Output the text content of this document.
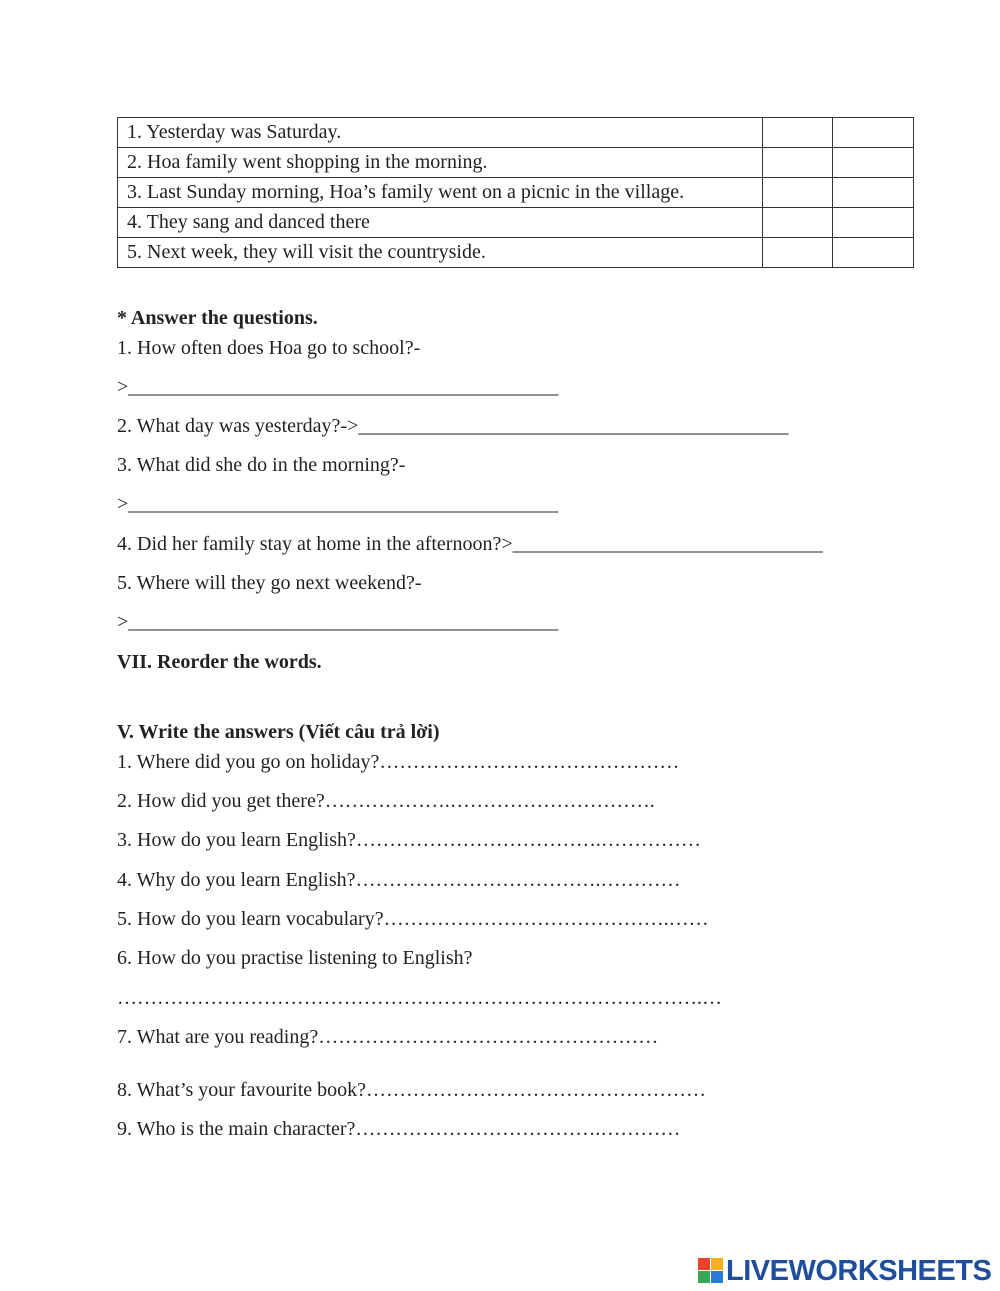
1. Yesterday was Saturday.		
2. Hoa family went shopping in the morning.		
3. Last Sunday morning, Hoa’s family went on a picnic in the village.		
4. They sang and danced there		
5. Next week, they will visit the countryside.		
* Answer the questions.
1. How often does Hoa go to school?-
>___________________________________________
2. What day was yesterday?->___________________________________________
3. What did she do in the morning?-
>___________________________________________
4. Did her family stay at home in the afternoon?>_______________________________
5. Where will they go next weekend?-
>___________________________________________
VII. Reorder the words.
V. Write the answers (Viết câu trả lời)
1. Where did you go on holiday?………………………………………
2. How did you get there?……………….………………………….
3. How do you learn English?……………………………….……………
4. Why do you learn English?……………………………….…………
5. How do you learn vocabulary?…………………………………….……
6. How do you practise listening to English?
…………………………………………………………………………….…
7. What are you reading?……………………………………………
8. What’s your favourite book?……………………………………………
9. Who is the main character?……………………………….…………
LIVEWORKSHEETS
